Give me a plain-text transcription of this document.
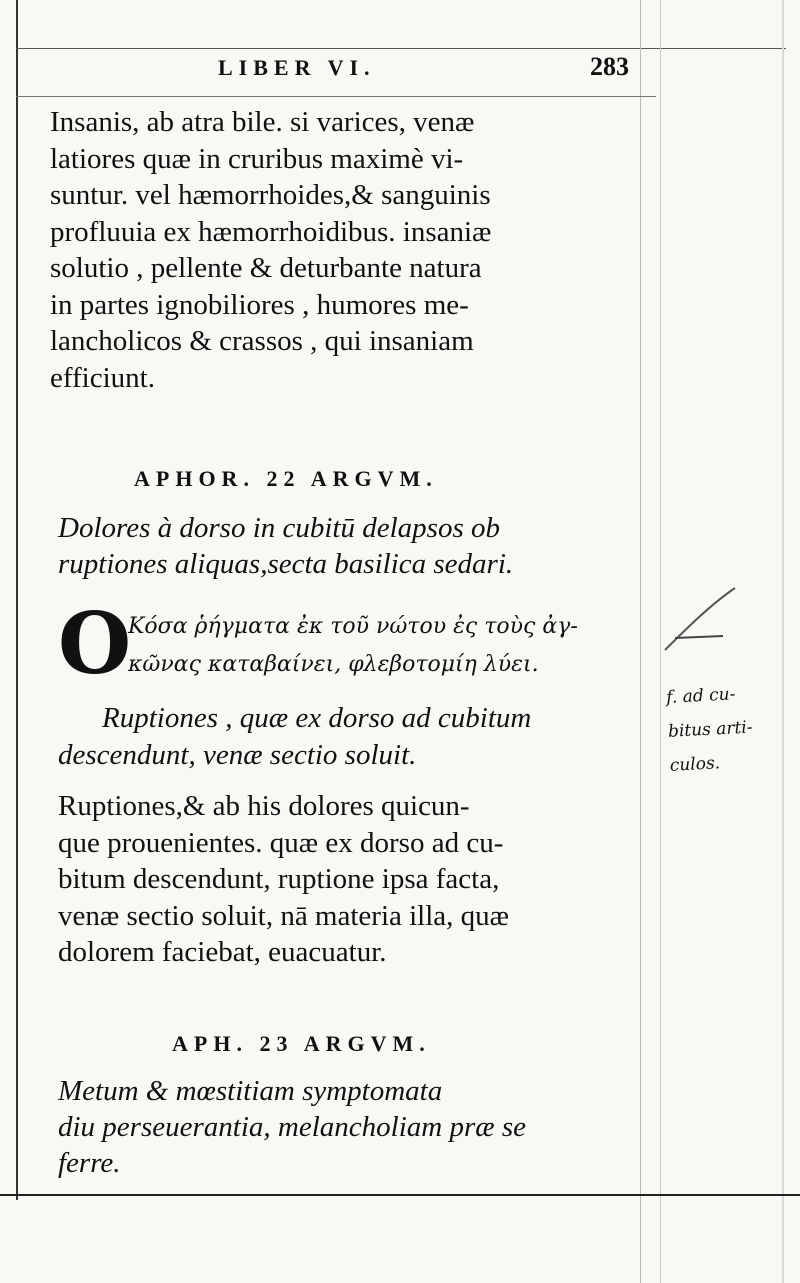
LIBER VI.	283
Insanis, ab atra bile. si varices, venæ
latiores quæ in cruribus maximè vi-
suntur. vel hæmorrhoides,& sanguinis
profluuia ex hæmorrhoidibus. insaniæ
solutio , pellente & deturbante natura
in partes ignobiliores , humores me-
lancholicos & crassos , qui insaniam
efficiunt.
APHOR. 22 ARGVM.
Dolores à dorso in cubitū delapsos ob
ruptiones aliquas,secta basilica sedari.
O
Κόσα ῥήγματα ἐκ τοῦ νώτου ἐς τοὺς ἀγ-
κῶνας καταβαίνει, φλεβοτομίη λύει.
Ruptiones , quæ ex dorso ad cubitum
descendunt, venæ sectio soluit.
Ruptiones,& ab his dolores quicun-
que prouenientes. quæ ex dorso ad cu-
bitum descendunt, ruptione ipsa facta,
venæ sectio soluit, nā materia illa, quæ
dolorem faciebat, euacuatur.
APH. 23 ARGVM.
Metum & mœstitiam symptomata
diu perseuerantia, melancholiam præ se
ferre.
f. ad cu-
bitus arti-
culos.
